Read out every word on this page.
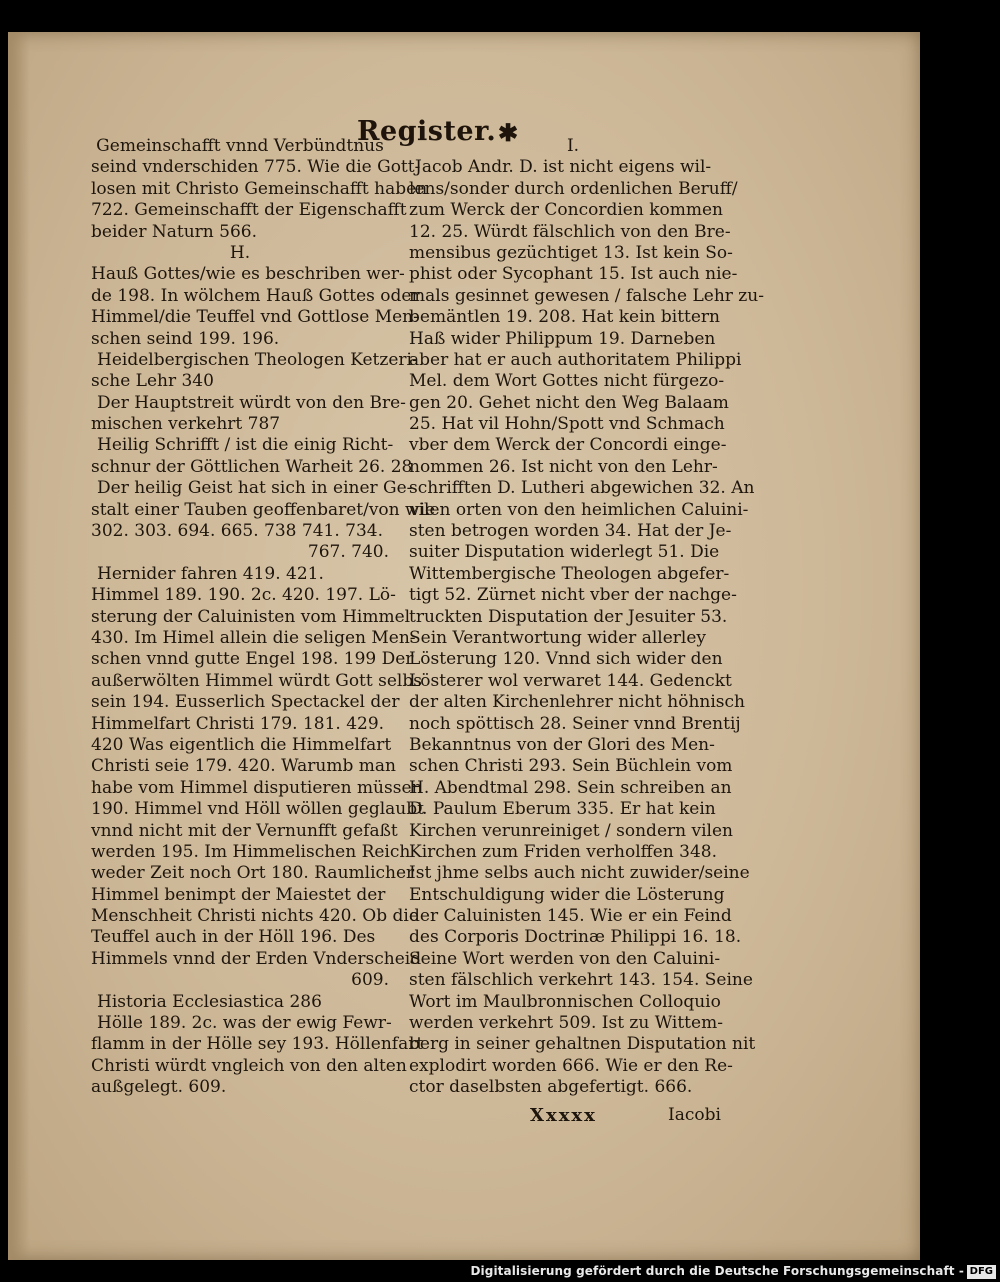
Register. ✱
Gemeinschafft vnnd Verbündtnus
seind vnderschiden 775. Wie die Gott-
losen mit Christo Gemeinschafft haben
722. Gemeinschafft der Eigenschafft
beider Naturn 566.
H.
Hauß Gottes/wie es beschriben wer-
de 198. In wölchem Hauß Gottes oder
Himmel/die Teuffel vnd Gottlose Men-
schen seind 199. 196.
Heidelbergischen Theologen Ketzeri-
sche Lehr 340
Der Hauptstreit würdt von den Bre-
mischen verkehrt 787
Heilig Schrifft / ist die einig Richt-
schnur der Göttlichen Warheit 26. 28
Der heilig Geist hat sich in einer Ge-
stalt einer Tauben geoffenbaret/von wie
302. 303. 694. 665. 738 741. 734.
767. 740.
Hernider fahren 419. 421.
Himmel 189. 190. 2c. 420. 197. Lö-
sterung der Caluinisten vom Himmel
430. Im Himel allein die seligen Men-
schen vnnd gutte Engel 198. 199 Der
außerwölten Himmel würdt Gott selbs
sein 194. Eusserlich Spectackel der
Himmelfart Christi 179. 181. 429.
420 Was eigentlich die Himmelfart
Christi seie 179. 420. Warumb man
habe vom Himmel disputieren müssen
190. Himmel vnd Höll wöllen geglaubt
vnnd nicht mit der Vernunfft gefaßt
werden 195. Im Himmelischen Reich
weder Zeit noch Ort 180. Raumlicher
Himmel benimpt der Maiestet der
Menschheit Christi nichts 420. Ob die
Teuffel auch in der Höll 196. Des
Himmels vnnd der Erden Vnderscheid
609.
Historia Ecclesiastica 286
Hölle 189. 2c. was der ewig Fewr-
flamm in der Hölle sey 193. Höllenfart
Christi würdt vngleich von den alten
außgelegt. 609.
I.
Jacob Andr. D. ist nicht eigens wil-
lens/sonder durch ordenlichen Beruff/
zum Werck der Concordien kommen
12. 25. Würdt fälschlich von den Bre-
mensibus gezüchtiget 13. Ist kein So-
phist oder Sycophant 15. Ist auch nie-
mals gesinnet gewesen / falsche Lehr zu-
bemäntlen 19. 208. Hat kein bittern
Haß wider Philippum 19. Darneben
aber hat er auch authoritatem Philippi
Mel. dem Wort Gottes nicht fürgezo-
gen 20. Gehet nicht den Weg Balaam
25. Hat vil Hohn/Spott vnd Schmach
vber dem Werck der Concordi einge-
nommen 26. Ist nicht von den Lehr-
schrifften D. Lutheri abgewichen 32. An
vilen orten von den heimlichen Caluini-
sten betrogen worden 34. Hat der Je-
suiter Disputation widerlegt 51. Die
Wittembergische Theologen abgefer-
tigt 52. Zürnet nicht vber der nachge-
truckten Disputation der Jesuiter 53.
Sein Verantwortung wider allerley
Lösterung 120. Vnnd sich wider den
Lösterer wol verwaret 144. Gedenckt
der alten Kirchenlehrer nicht höhnisch
noch spöttisch 28. Seiner vnnd Brentij
Bekanntnus von der Glori des Men-
schen Christi 293. Sein Büchlein vom
H. Abendtmal 298. Sein schreiben an
D. Paulum Eberum 335. Er hat kein
Kirchen verunreiniget / sondern vilen
Kirchen zum Friden verholffen 348.
Ist jhme selbs auch nicht zuwider/seine
Entschuldigung wider die Lösterung
der Caluinisten 145. Wie er ein Feind
des Corporis Doctrinæ Philippi 16. 18.
Seine Wort werden von den Caluini-
sten fälschlich verkehrt 143. 154. Seine
Wort im Maulbronnischen Colloquio
werden verkehrt 509. Ist zu Wittem-
berg in seiner gehaltnen Disputation nit
explodirt worden 666. Wie er den Re-
ctor daselbsten abgefertigt. 666.
Xxxxx	Iacobi
Digitalisierung gefördert durch die Deutsche Forschungsgemeinschaft - DFG
